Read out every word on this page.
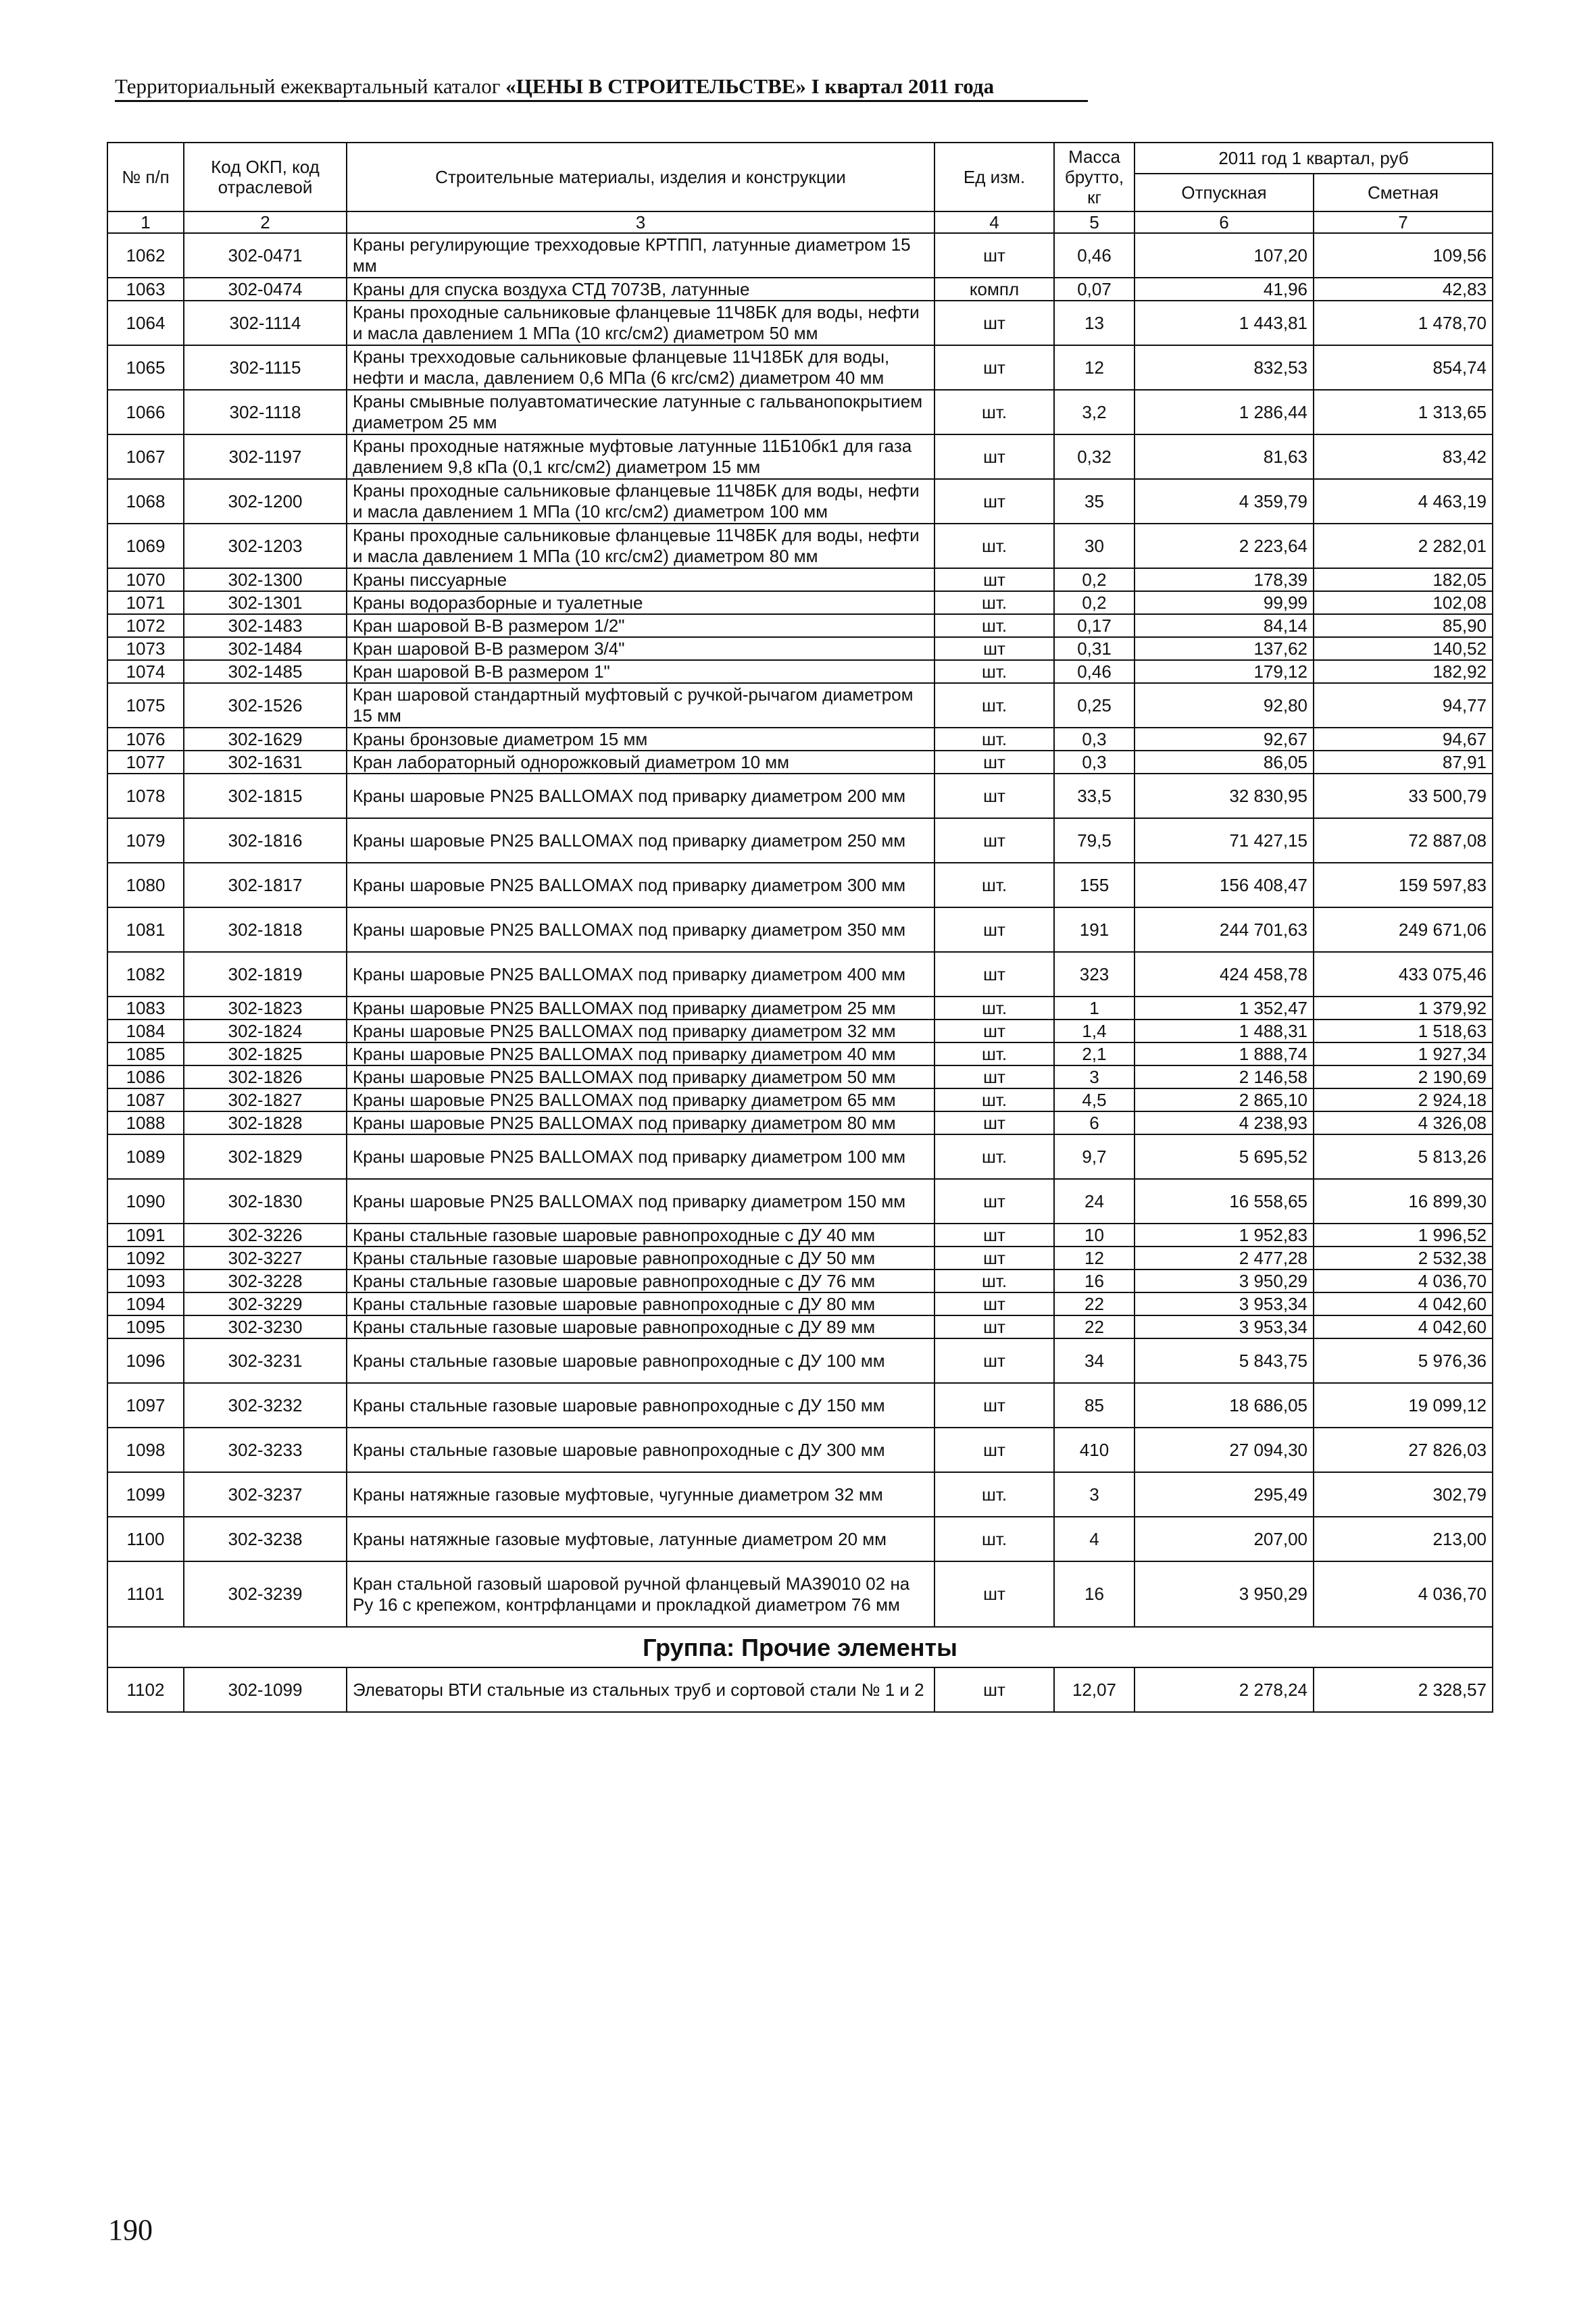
Территориальный ежеквартальный каталог «ЦЕНЫ В СТРОИТЕЛЬСТВЕ» I квартал 2011 года
№ п/п	Код ОКП, код отраслевой	Строительные материалы, изделия и конструкции	Ед изм.	Масса брутто, кг	2011 год 1 квартал, руб	
					Отпускная	Сметная
1	2	3	4	5	6	7
1062	302-0471	Краны регулирующие трехходовые КРТПП, латунные диаметром 15 мм	шт	0,46	107,20	109,56
1063	302-0474	Краны для спуска воздуха СТД 7073В, латунные	компл	0,07	41,96	42,83
1064	302-1114	Краны проходные сальниковые фланцевые 11Ч8БК для воды, нефти и масла давлением 1 МПа (10 кгс/см2) диаметром 50 мм	шт	13	1 443,81	1 478,70
1065	302-1115	Краны трехходовые сальниковые фланцевые 11Ч18БК для воды, нефти и масла, давлением 0,6 МПа (6 кгс/см2) диаметром 40 мм	шт	12	832,53	854,74
1066	302-1118	Краны смывные полуавтоматические латунные с гальванопокрытием диаметром 25 мм	шт.	3,2	1 286,44	1 313,65
1067	302-1197	Краны проходные натяжные муфтовые латунные 11Б10бк1 для газа давлением 9,8 кПа (0,1 кгс/см2) диаметром 15 мм	шт	0,32	81,63	83,42
1068	302-1200	Краны проходные сальниковые фланцевые 11Ч8БК для воды, нефти и масла давлением 1 МПа (10 кгс/см2) диаметром 100 мм	шт	35	4 359,79	4 463,19
1069	302-1203	Краны проходные сальниковые фланцевые 11Ч8БК для воды, нефти и масла давлением 1 МПа (10 кгс/см2) диаметром 80 мм	шт.	30	2 223,64	2 282,01
1070	302-1300	Краны писсуарные	шт	0,2	178,39	182,05
1071	302-1301	Краны водоразборные и туалетные	шт.	0,2	99,99	102,08
1072	302-1483	Кран шаровой В-В размером 1/2"	шт.	0,17	84,14	85,90
1073	302-1484	Кран шаровой В-В размером 3/4"	шт	0,31	137,62	140,52
1074	302-1485	Кран шаровой В-В размером 1"	шт.	0,46	179,12	182,92
1075	302-1526	Кран шаровой стандартный муфтовый с ручкой-рычагом диаметром 15 мм	шт.	0,25	92,80	94,77
1076	302-1629	Краны бронзовые диаметром 15 мм	шт.	0,3	92,67	94,67
1077	302-1631	Кран лабораторный однорожковый диаметром 10 мм	шт	0,3	86,05	87,91
1078	302-1815	Краны шаровые PN25 BALLOMAX под приварку диаметром 200 мм	шт	33,5	32 830,95	33 500,79
1079	302-1816	Краны шаровые PN25 BALLOMAX под приварку диаметром 250 мм	шт	79,5	71 427,15	72 887,08
1080	302-1817	Краны шаровые PN25 BALLOMAX под приварку диаметром 300 мм	шт.	155	156 408,47	159 597,83
1081	302-1818	Краны шаровые PN25 BALLOMAX под приварку диаметром 350 мм	шт	191	244 701,63	249 671,06
1082	302-1819	Краны шаровые PN25 BALLOMAX под приварку диаметром 400 мм	шт	323	424 458,78	433 075,46
1083	302-1823	Краны шаровые PN25 BALLOMAX под приварку диаметром 25 мм	шт.	1	1 352,47	1 379,92
1084	302-1824	Краны шаровые PN25 BALLOMAX под приварку диаметром 32 мм	шт	1,4	1 488,31	1 518,63
1085	302-1825	Краны шаровые PN25 BALLOMAX под приварку диаметром 40 мм	шт.	2,1	1 888,74	1 927,34
1086	302-1826	Краны шаровые PN25 BALLOMAX под приварку диаметром 50 мм	шт	3	2 146,58	2 190,69
1087	302-1827	Краны шаровые PN25 BALLOMAX под приварку диаметром 65 мм	шт.	4,5	2 865,10	2 924,18
1088	302-1828	Краны шаровые PN25 BALLOMAX под приварку диаметром 80 мм	шт	6	4 238,93	4 326,08
1089	302-1829	Краны шаровые PN25 BALLOMAX под приварку диаметром 100 мм	шт.	9,7	5 695,52	5 813,26
1090	302-1830	Краны шаровые PN25 BALLOMAX под приварку диаметром 150 мм	шт	24	16 558,65	16 899,30
1091	302-3226	Краны стальные газовые шаровые равнопроходные с ДУ 40 мм	шт	10	1 952,83	1 996,52
1092	302-3227	Краны стальные газовые шаровые равнопроходные с ДУ 50 мм	шт	12	2 477,28	2 532,38
1093	302-3228	Краны стальные газовые шаровые равнопроходные с ДУ 76 мм	шт.	16	3 950,29	4 036,70
1094	302-3229	Краны стальные газовые шаровые равнопроходные с ДУ 80 мм	шт	22	3 953,34	4 042,60
1095	302-3230	Краны стальные газовые шаровые равнопроходные с ДУ 89 мм	шт	22	3 953,34	4 042,60
1096	302-3231	Краны стальные газовые шаровые равнопроходные с ДУ 100 мм	шт	34	5 843,75	5 976,36
1097	302-3232	Краны стальные газовые шаровые равнопроходные с ДУ 150 мм	шт	85	18 686,05	19 099,12
1098	302-3233	Краны стальные газовые шаровые равнопроходные с ДУ 300 мм	шт	410	27 094,30	27 826,03
1099	302-3237	Краны натяжные газовые муфтовые, чугунные диаметром 32 мм	шт.	3	295,49	302,79
1100	302-3238	Краны натяжные газовые муфтовые, латунные диаметром 20 мм	шт.	4	207,00	213,00
1101	302-3239	Кран стальной газовый шаровой ручной фланцевый МА39010 02 на Ру 16 с крепежом, контрфланцами и прокладкой диаметром 76 мм	шт	16	3 950,29	4 036,70
Группа: Прочие элементы						
1102	302-1099	Элеваторы ВТИ стальные из стальных труб и сортовой стали № 1 и 2	шт	12,07	2 278,24	2 328,57
190
